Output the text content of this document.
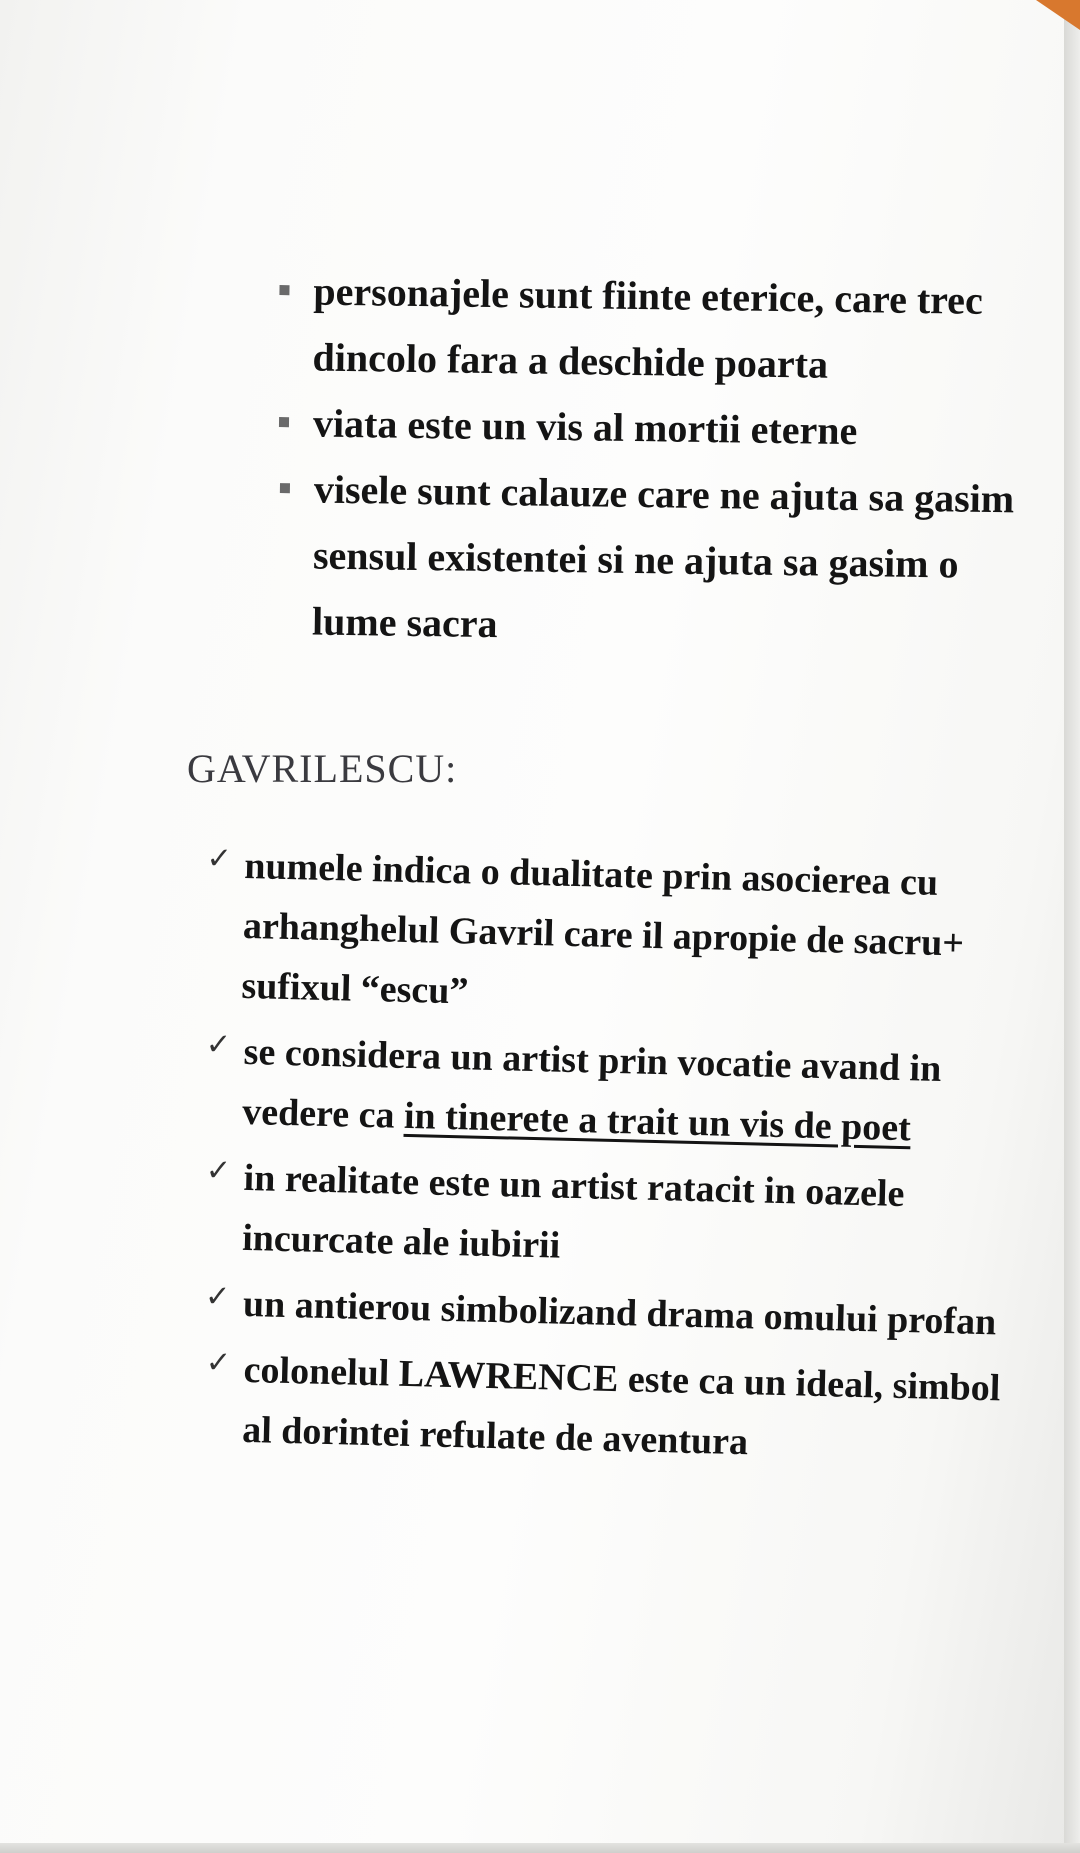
personajele sunt fiinte eterice, care trec dincolo fara a deschide poarta
viata este un vis al mortii eterne
visele sunt calauze care ne ajuta sa gasim sensul existentei si ne ajuta sa gasim o lume sacra
GAVRILESCU:
✓ numele indica o dualitate prin asocierea cu arhanghelul Gavril care il apropie de sacru+ sufixul “escu”
✓ se considera un artist prin vocatie avand in vedere ca in tinerete a trait un vis de poet
✓ in realitate este un artist ratacit in oazele incurcate ale iubirii
✓ un antierou simbolizand drama omului profan
✓ colonelul LAWRENCE este ca un ideal, simbol al dorintei refulate de aventura
